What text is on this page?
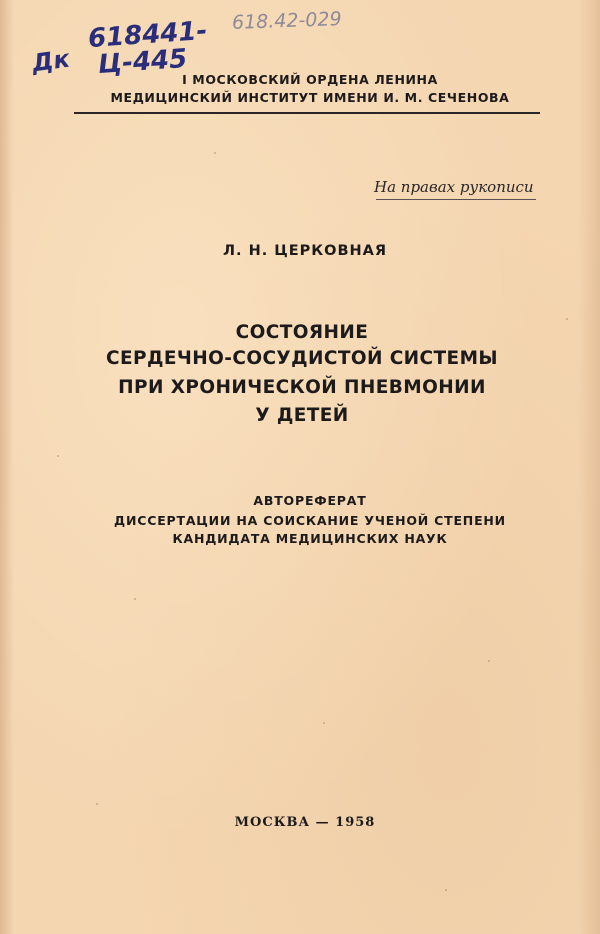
618441-
Дк Ц-445
618.42-029
I МОСКОВСКИЙ ОРДЕНА ЛЕНИНА
МЕДИЦИНСКИЙ ИНСТИТУТ ИМЕНИ И. М. СЕЧЕНОВА
На правах рукописи
Л. Н. ЦЕРКОВНАЯ
СОСТОЯНИЕ
СЕРДЕЧНО-СОСУДИСТОЙ СИСТЕМЫ
ПРИ ХРОНИЧЕСКОЙ ПНЕВМОНИИ
У ДЕТЕЙ
АВТОРЕФЕРАТ
ДИССЕРТАЦИИ НА СОИСКАНИЕ УЧЕНОЙ СТЕПЕНИ
КАНДИДАТА МЕДИЦИНСКИХ НАУК
МОСКВА — 1958
